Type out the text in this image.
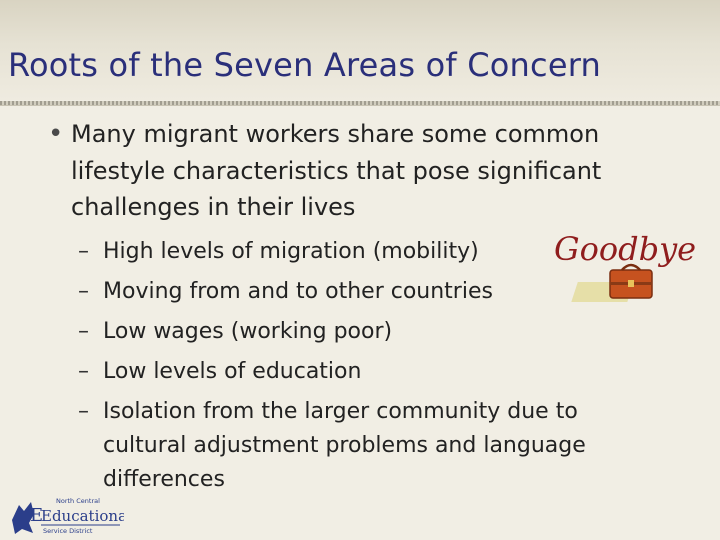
Roots of the Seven Areas of Concern
• Many migrant workers share some common lifestyle characteristics that pose significant challenges in their lives
– High levels of migration (mobility)
– Moving from and to other countries
– Low wages (working poor)
– Low levels of education
– Isolation from the larger community due to cultural adjustment problems and language differences
Goodbye
E
North Central
Educational
Service District
